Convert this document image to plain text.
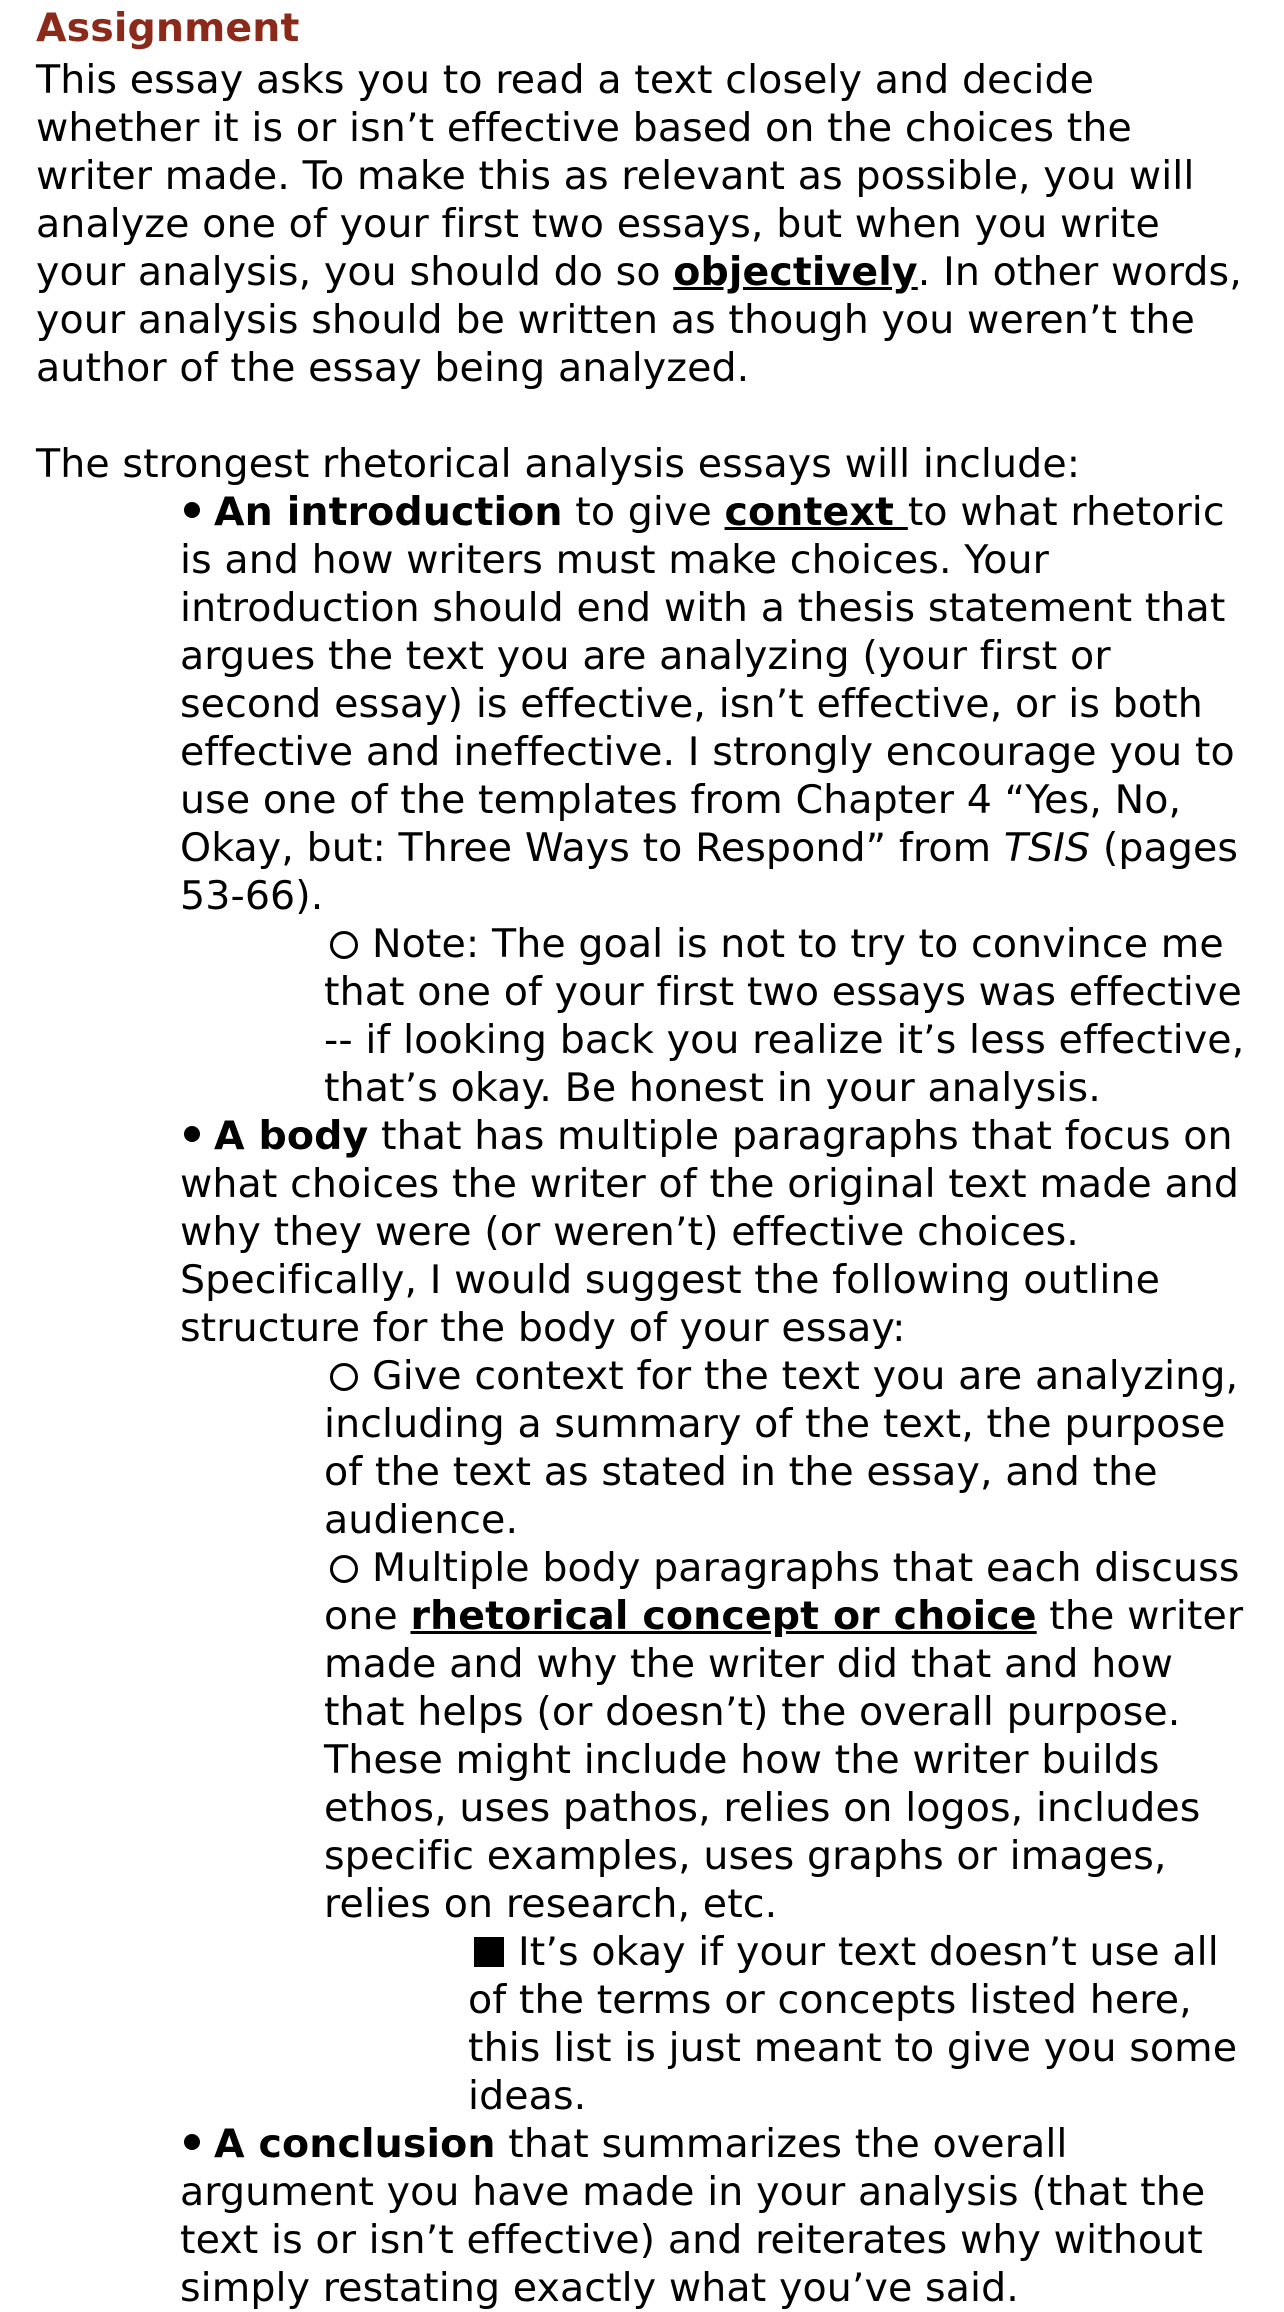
Assignment

This essay asks you to read a text closely and decide whether it is or isn’t effective based on the choices the writer made. To make this as relevant as possible, you will analyze one of your first two essays, but when you write your analysis, you should do so objectively. In other words, your analysis should be written as though you weren’t the author of the essay being analyzed.

The strongest rhetorical analysis essays will include:

An introduction to give context to what rhetoric is and how writers must make choices. Your introduction should end with a thesis statement that argues the text you are analyzing (your first or second essay) is effective, isn’t effective, or is both effective and ineffective. I strongly encourage you to use one of the templates from Chapter 4 “Yes, No, Okay, but: Three Ways to Respond” from TSIS (pages 53-66).

Note: The goal is not to try to convince me that one of your first two essays was effective -- if looking back you realize it’s less effective, that’s okay. Be honest in your analysis.

A body that has multiple paragraphs that focus on what choices the writer of the original text made and why they were (or weren’t) effective choices. Specifically, I would suggest the following outline structure for the body of your essay:

Give context for the text you are analyzing, including a summary of the text, the purpose of the text as stated in the essay, and the audience.

Multiple body paragraphs that each discuss one rhetorical concept or choice the writer made and why the writer did that and how that helps (or doesn’t) the overall purpose. These might include how the writer builds ethos, uses pathos, relies on logos, includes specific examples, uses graphs or images, relies on research, etc.

It’s okay if your text doesn’t use all of the terms or concepts listed here, this list is just meant to give you some ideas.

A conclusion that summarizes the overall argument you have made in your analysis (that the text is or isn’t effective) and reiterates why without simply restating exactly what you’ve said.
